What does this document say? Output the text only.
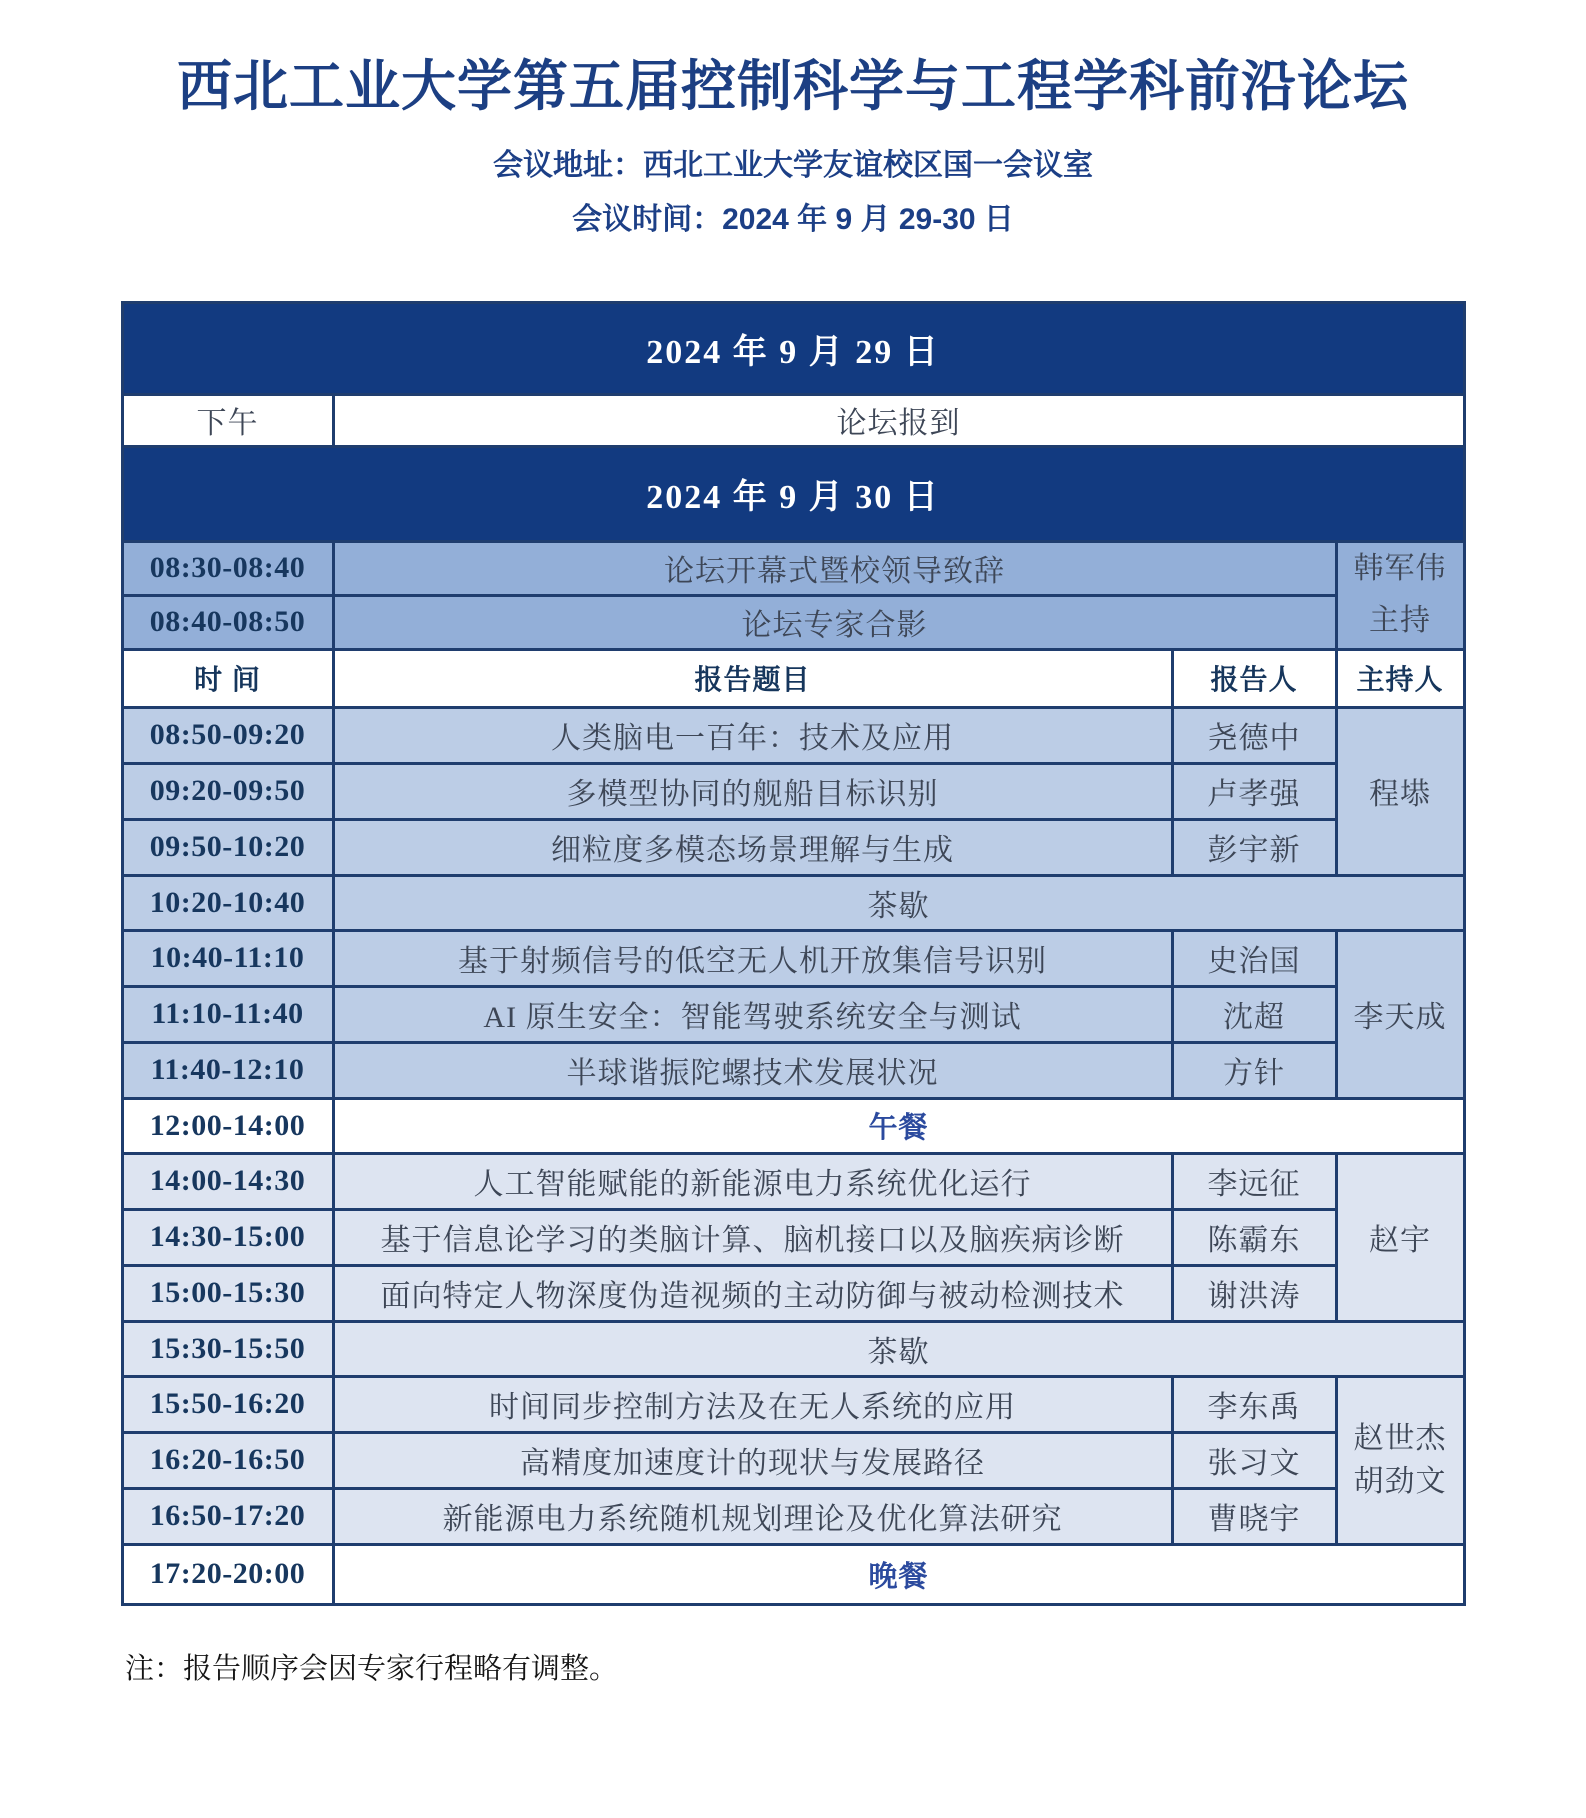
西北工业大学第五届控制科学与工程学科前沿论坛

会议地址：西北工业大学友谊校区国一会议室

会议时间：2024 年 9 月 29-30 日

2024 年 9 月 29 日			
下午	论坛报到		
2024 年 9 月 30 日			
08:30-08:40	论坛开幕式暨校领导致辞		韩军伟
主持

08:40-08:50	论坛专家合影		
时 间	报告题目	报告人	主持人
08:50-09:20	人类脑电一百年：技术及应用	尧德中	程塨

09:20-09:50	多模型协同的舰船目标识别	卢孝强	
09:50-10:20	细粒度多模态场景理解与生成	彭宇新	
10:20-10:40	茶歇		
10:40-11:10	基于射频信号的低空无人机开放集信号识别	史治国	李天成

11:10-11:40	AI 原生安全：智能驾驶系统安全与测试	沈超	
11:40-12:10	半球谐振陀螺技术发展状况	方针	
12:00-14:00	午餐		
14:00-14:30	人工智能赋能的新能源电力系统优化运行	李远征	赵宇

14:30-15:00	基于信息论学习的类脑计算、脑机接口以及脑疾病诊断	陈霸东	
15:00-15:30	面向特定人物深度伪造视频的主动防御与被动检测技术	谢洪涛	
15:30-15:50	茶歇		
15:50-16:20	时间同步控制方法及在无人系统的应用	李东禹	赵世杰
胡劲文

16:20-16:50	高精度加速度计的现状与发展路径	张习文	
16:50-17:20	新能源电力系统随机规划理论及优化算法研究	曹晓宇	
17:20-20:00	晚餐		

注：报告顺序会因专家行程略有调整。
